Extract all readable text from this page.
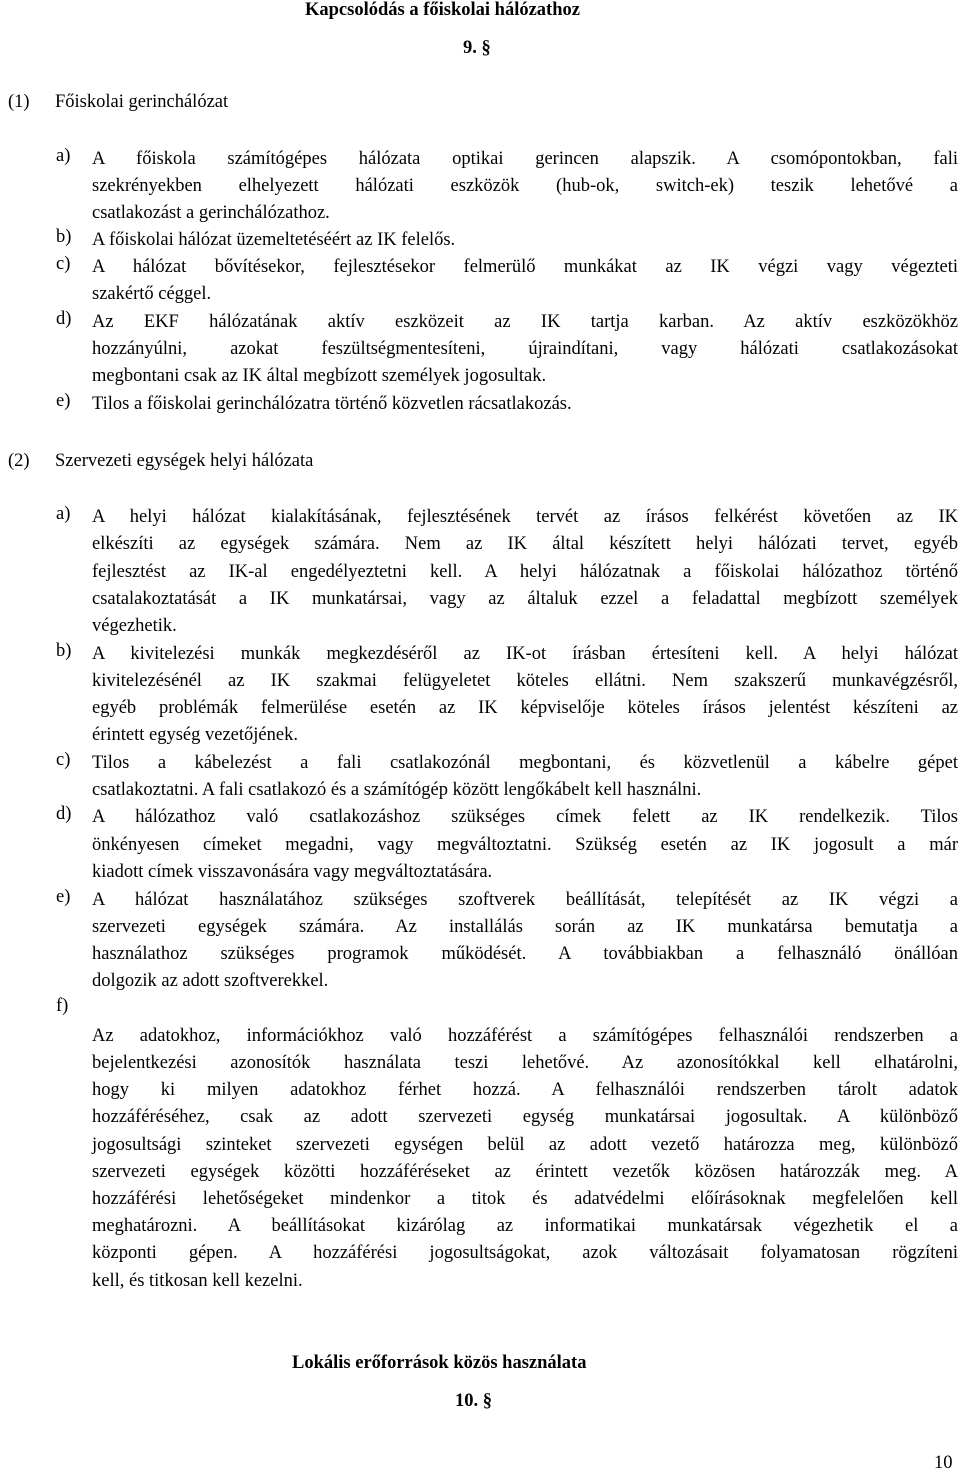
Kapcsolódás a főiskolai hálózathoz
9. §
(1) Főiskolai gerinchálózat
a) A főiskola számítógépes hálózata optikai gerincen alapszik. A csomópontokban, fali
szekrényekben elhelyezett hálózati eszközök (hub-ok, switch-ek) teszik lehetővé a
csatlakozást a gerinchálózathoz.
b) A főiskolai hálózat üzemeltetéséért az IK felelős.
c) A hálózat bővítésekor, fejlesztésekor felmerülő munkákat az IK végzi vagy végezteti
szakértő céggel.
d) Az EKF hálózatának aktív eszközeit az IK tartja karban. Az aktív eszközökhöz
hozzányúlni, azokat feszültségmentesíteni, újraindítani, vagy hálózati csatlakozásokat
megbontani csak az IK által megbízott személyek jogosultak.
e) Tilos a főiskolai gerinchálózatra történő közvetlen rácsatlakozás.
(2) Szervezeti egységek helyi hálózata
a) A helyi hálózat kialakításának, fejlesztésének tervét az írásos felkérést követően az IK
elkészíti az egységek számára. Nem az IK által készített helyi hálózati tervet, egyéb
fejlesztést az IK-al engedélyeztetni kell. A helyi hálózatnak a főiskolai hálózathoz történő
csatalakoztatását a IK munkatársai, vagy az általuk ezzel a feladattal megbízott személyek
végezhetik.
b) A kivitelezési munkák megkezdéséről az IK-ot írásban értesíteni kell. A helyi hálózat
kivitelezésénél az IK szakmai felügyeletet köteles ellátni. Nem szakszerű munkavégzésről,
egyéb problémák felmerülése esetén az IK képviselője köteles írásos jelentést készíteni az
érintett egység vezetőjének.
c) Tilos a kábelezést a fali csatlakozónál megbontani, és közvetlenül a kábelre gépet
csatlakoztatni. A fali csatlakozó és a számítógép között lengőkábelt kell használni.
d) A hálózathoz való csatlakozáshoz szükséges címek felett az IK rendelkezik. Tilos
önkényesen címeket megadni, vagy megváltoztatni. Szükség esetén az IK jogosult a már
kiadott címek visszavonására vagy megváltoztatására.
e) A hálózat használatához szükséges szoftverek beállítását, telepítését az IK végzi a
szervezeti egységek számára. Az installálás során az IK munkatársa bemutatja a
használathoz szükséges programok működését. A továbbiakban a felhasználó önállóan
dolgozik az adott szoftverekkel.
f)
Az adatokhoz, információkhoz való hozzáférést a számítógépes felhasználói rendszerben a
bejelentkezési azonosítók használata teszi lehetővé. Az azonosítókkal kell elhatárolni,
hogy ki milyen adatokhoz férhet hozzá. A felhasználói rendszerben tárolt adatok
hozzáféréséhez, csak az adott szervezeti egység munkatársai jogosultak. A különböző
jogosultsági szinteket szervezeti egységen belül az adott vezető határozza meg, különböző
szervezeti egységek közötti hozzáféréseket az érintett vezetők közösen határozzák meg. A
hozzáférési lehetőségeket mindenkor a titok és adatvédelmi előírásoknak megfelelően kell
meghatározni. A beállításokat kizárólag az informatikai munkatársak végezhetik el a
központi gépen. A hozzáférési jogosultságokat, azok változásait folyamatosan rögzíteni
kell, és titkosan kell kezelni.
Lokális erőforrások közös használata
10. §
10
